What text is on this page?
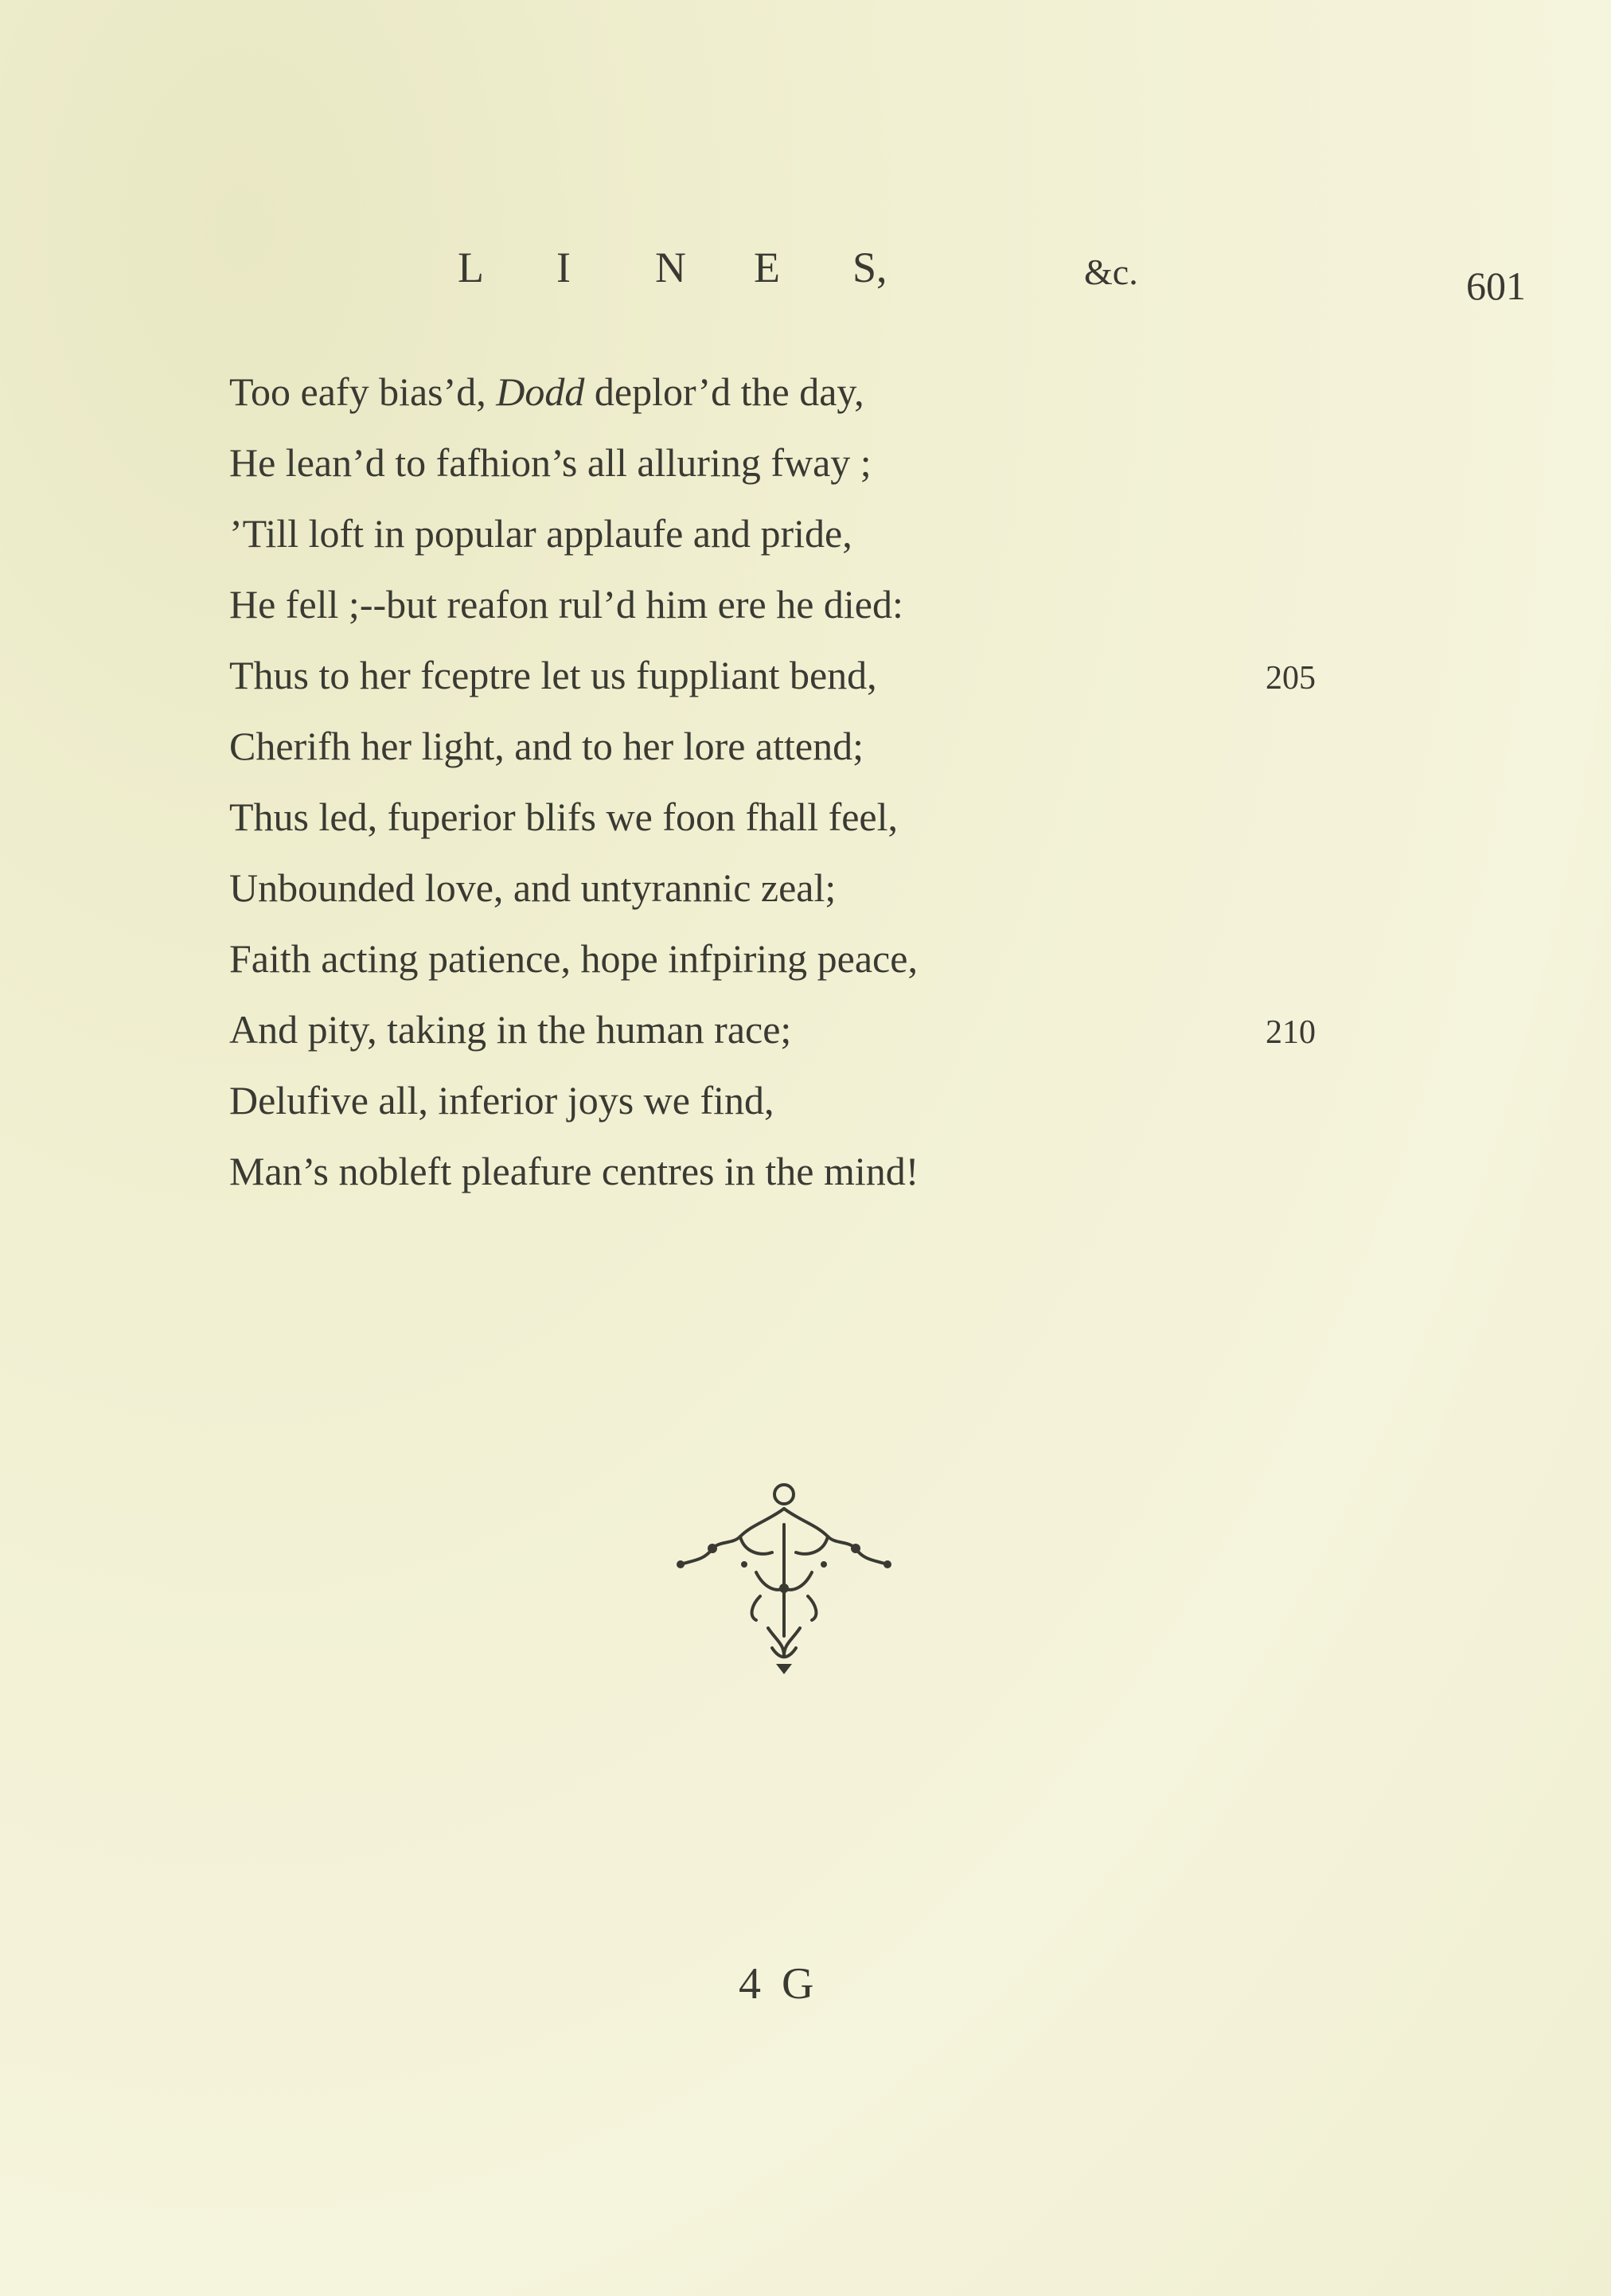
L	I	N	E	S,	&c.	601
Too eafy bias’d, Dodd deplor’d the day,
He lean’d to fafhion’s all alluring fway ;
’Till loft in popular applaufe and pride,
He fell ;--but reafon rul’d him ere he died:
Thus to her fceptre let us fuppliant bend,	205
Cherifh her light, and to her lore attend;
Thus led, fuperior blifs we foon fhall feel,
Unbounded love, and untyrannic zeal;
Faith acting patience, hope infpiring peace,
And pity, taking in the human race;	210
Delufive all, inferior joys we find,
Man’s nobleft pleafure centres in the mind!
4 G
